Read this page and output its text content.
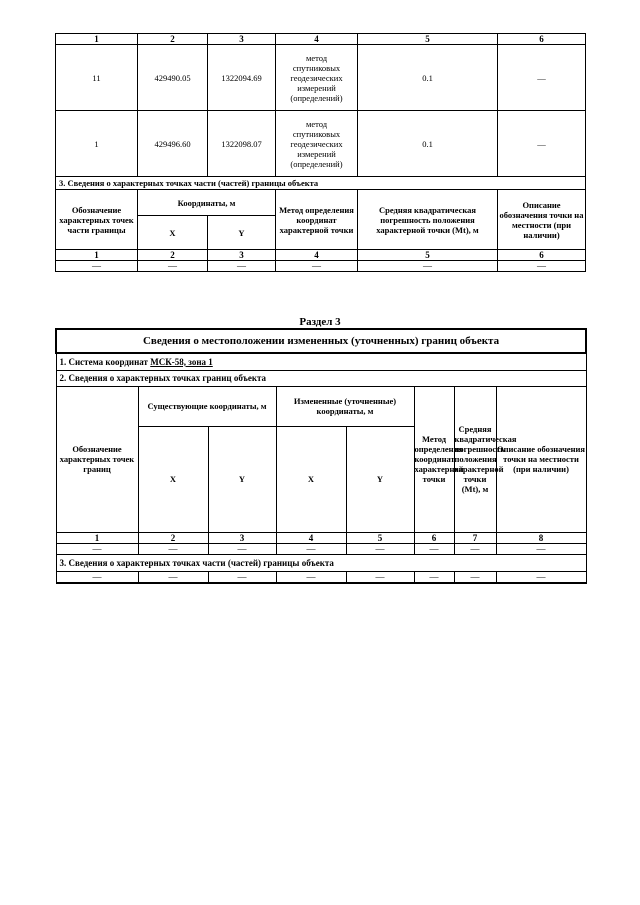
1	2	3	4	5	6
11	429490.05	1322094.69	метод спутниковых геодезических измерений (определений)	0.1	—
1	429496.60	1322098.07	метод спутниковых геодезических измерений (определений)	0.1	—
3. Сведения о характерных точках части (частей) границы объекта					
Обозначение характерных точек части границы	Координаты, м		Метод определения координат характерной точки	Средняя квадратическая погрешность положения характерной точки (Mt), м	Описание обозначения точки на местности (при наличии)
	X	Y			
1	2	3	4	5	6
—	—	—	—	—	—
Раздел 3
Сведения о местоположении измененных (уточненных) границ объекта							
1. Система координат МСК-58, зона 1							
2. Сведения о характерных точках границ объекта							
Обозначение характерных точек границ	Существующие координаты, м		Измененные (уточненные) координаты, м		Метод определения координат характерной точки	Средняя квадратическая погрешность положения характерной точки (Mt), м	Описание обозначения точки на местности (при наличии)
	X	Y	X	Y			
1	2	3	4	5	6	7	8
—	—	—	—	—	—	—	—
3. Сведения о характерных точках части (частей) границы объекта							
—	—	—	—	—	—	—	—
